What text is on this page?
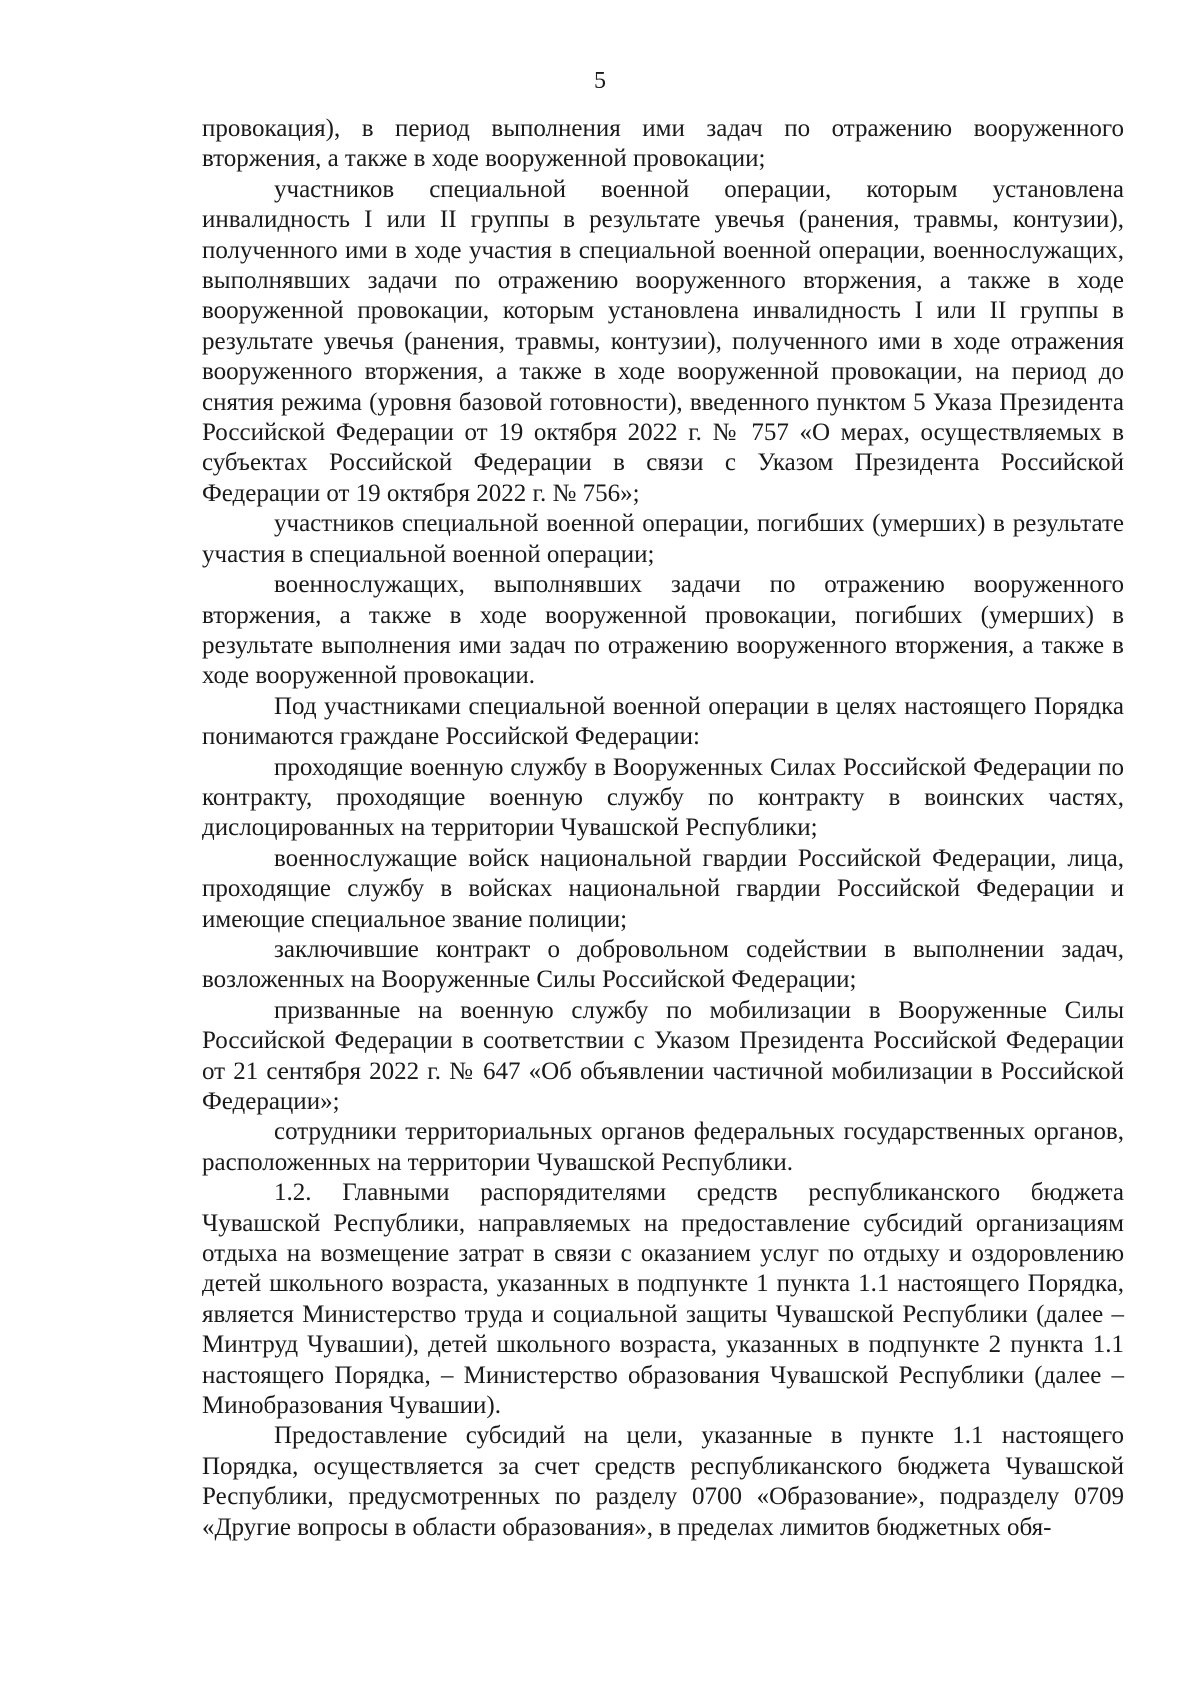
5

провокация), в период выполнения ими задач по отражению вооруженного вторжения, а также в ходе вооруженной провокации;

участников специальной военной операции, которым установлена инвалидность I или II группы в результате увечья (ранения, травмы, контузии), полученного ими в ходе участия в специальной военной операции, военнослужащих, выполнявших задачи по отражению вооруженного вторжения, а также в ходе вооруженной провокации, которым установлена инвалидность I или II группы в результате увечья (ранения, травмы, контузии), полученного ими в ходе отражения вооруженного вторжения, а также в ходе вооруженной провокации, на период до снятия режима (уровня базовой готовности), введенного пунктом 5 Указа Президента Российской Федерации от 19 октября 2022 г. № 757 «О мерах, осуществляемых в субъектах Российской Федерации в связи с Указом Президента Российской Федерации от 19 октября 2022 г. № 756»;

участников специальной военной операции, погибших (умерших) в результате участия в специальной военной операции;

военнослужащих, выполнявших задачи по отражению вооруженного вторжения, а также в ходе вооруженной провокации, погибших (умерших) в результате выполнения ими задач по отражению вооруженного вторжения, а также в ходе вооруженной провокации.

Под участниками специальной военной операции в целях настоящего Порядка понимаются граждане Российской Федерации:

проходящие военную службу в Вооруженных Силах Российской Федерации по контракту, проходящие военную службу по контракту в воинских частях, дислоцированных на территории Чувашской Республики;

военнослужащие войск национальной гвардии Российской Федерации, лица, проходящие службу в войсках национальной гвардии Российской Федерации и имеющие специальное звание полиции;

заключившие контракт о добровольном содействии в выполнении задач, возложенных на Вооруженные Силы Российской Федерации;

призванные на военную службу по мобилизации в Вооруженные Силы Российской Федерации в соответствии с Указом Президента Российской Федерации от 21 сентября 2022 г. № 647 «Об объявлении частичной мобилизации в Российской Федерации»;

сотрудники территориальных органов федеральных государственных органов, расположенных на территории Чувашской Республики.

1.2. Главными распорядителями средств республиканского бюджета Чувашской Республики, направляемых на предоставление субсидий организациям отдыха на возмещение затрат в связи с оказанием услуг по отдыху и оздоровлению детей школьного возраста, указанных в подпункте 1 пункта 1.1 настоящего Порядка, является Министерство труда и социальной защиты Чувашской Республики (далее – Минтруд Чувашии), детей школьного возраста, указанных в подпункте 2 пункта 1.1 настоящего Порядка, – Министерство образования Чувашской Республики (далее – Минобразования Чувашии).

Предоставление субсидий на цели, указанные в пункте 1.1 настоящего Порядка, осуществляется за счет средств республиканского бюджета Чувашской Республики, предусмотренных по разделу 0700 «Образование», подразделу 0709 «Другие вопросы в области образования», в пределах лимитов бюджетных обя-
